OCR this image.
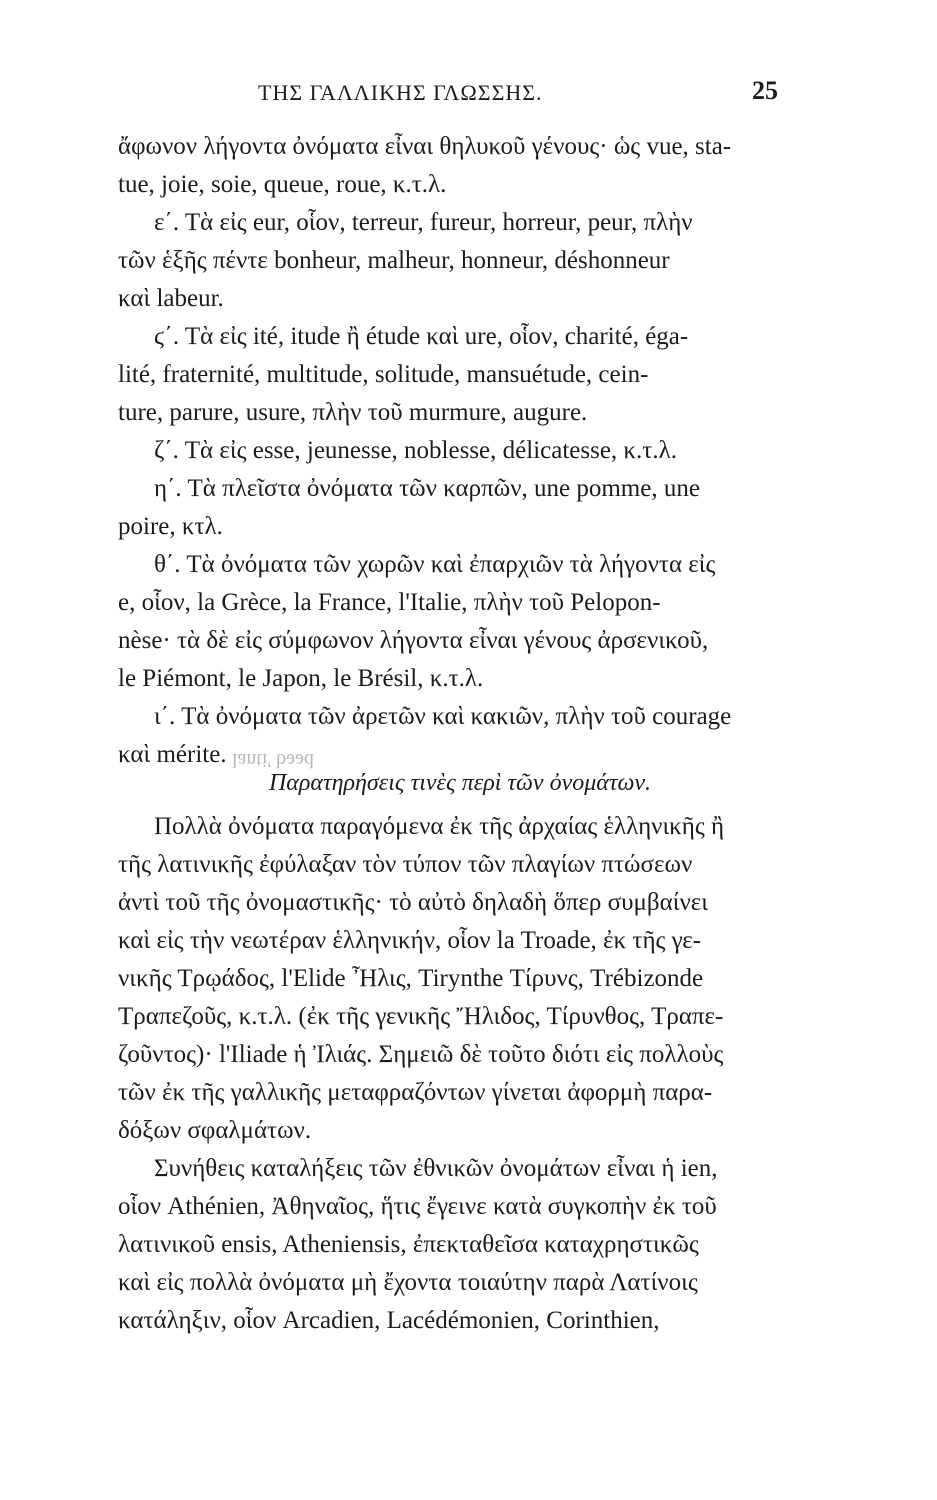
ΤΗΣ ΓΑΛΛΙΚΗΣ ΓΛΩΣΣΗΣ.	25
ἄφωνον λήγοντα ὀνόματα εἶναι θηλυκοῦ γένους· ὡς vue, sta-
tue, joie, soie, queue, roue, κ.τ.λ.
ε΄. Τὰ εἰς eur, οἷον, terreur, fureur, horreur, peur, πλὴν
τῶν ἑξῆς πέντε bonheur, malheur, honneur, déshonneur
καὶ labeur.
ϛ΄. Τὰ εἰς ité, itude ἢ étude καὶ ure, οἷον, charité, éga-
lité, fraternité, multitude, solitude, mansuétude, cein-
ture, parure, usure, πλὴν τοῦ murmure, augure.
ζ΄. Τὰ εἰς esse, jeunesse, noblesse, délicatesse, κ.τ.λ.
η΄. Τὰ πλεῖστα ὀνόματα τῶν καρπῶν, une pomme, une
poire, κτλ.
θ΄. Τὰ ὀνόματα τῶν χωρῶν καὶ ἐπαρχιῶν τὰ λήγοντα εἰς
e, οἷον, la Grèce, la France, l'Italie, πλὴν τοῦ Pelopon-
nèse· τὰ δὲ εἰς σύμφωνον λήγοντα εἶναι γένους ἀρσενικοῦ,
le Piémont, le Japon, le Brésil, κ.τ.λ.
ι΄. Τὰ ὀνόματα τῶν ἀρετῶν καὶ κακιῶν, πλὴν τοῦ courage
καὶ mérite. lanti' bəəd
Παρατηρήσεις τινὲς περὶ τῶν ὀνομάτων.
Πολλὰ ὀνόματα παραγόμενα ἐκ τῆς ἀρχαίας ἑλληνικῆς ἢ
τῆς λατινικῆς ἐφύλαξαν τὸν τύπον τῶν πλαγίων πτώσεων
ἀντὶ τοῦ τῆς ὀνομαστικῆς· τὸ αὐτὸ δηλαδὴ ὅπερ συμβαίνει
καὶ εἰς τὴν νεωτέραν ἑλληνικήν, οἷον la Troade, ἐκ τῆς γε-
νικῆς Τρῳάδος, l'Elide Ἦλις, Tirynthe Τίρυνς, Trébizonde
Τραπεζοῦς, κ.τ.λ. (ἐκ τῆς γενικῆς Ἤλιδος, Τίρυνθος, Τραπε-
ζοῦντος)· l'Iliade ἡ Ἰλιάς. Σημειῶ δὲ τοῦτο διότι εἰς πολλοὺς
τῶν ἐκ τῆς γαλλικῆς μεταφραζόντων γίνεται ἀφορμὴ παρα-
δόξων σφαλμάτων.
Συνήθεις καταλήξεις τῶν ἐθνικῶν ὀνομάτων εἶναι ἡ ien,
οἷον Athénien, Ἀθηναῖος, ἥτις ἔγεινε κατὰ συγκοπὴν ἐκ τοῦ
λατινικοῦ ensis, Atheniensis, ἐπεκταθεῖσα καταχρηστικῶς
καὶ εἰς πολλὰ ὀνόματα μὴ ἔχοντα τοιαύτην παρὰ Λατίνοις
κατάληξιν, οἷον Arcadien, Lacédémonien, Corinthien,
